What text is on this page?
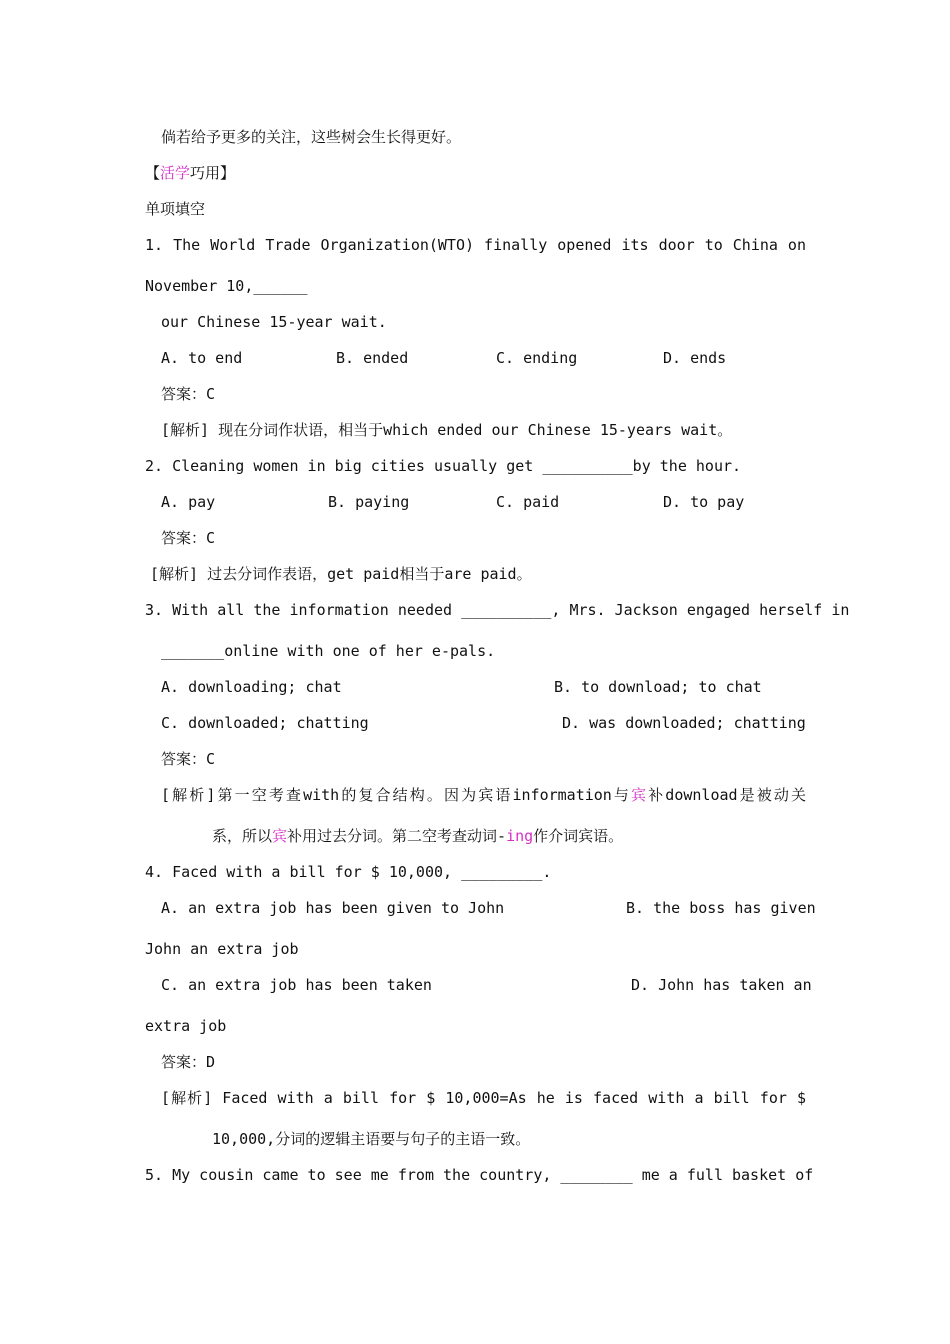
倘若给予更多的关注，这些树会生长得更好。
【活学巧用】
单项填空
1. The World Trade Organization(WTO) finally opened its door to China on
November 10,______
our Chinese 15-year wait.
A. to end	B. ended	C. ending	D. ends
答案：C
[解析] 现在分词作状语，相当于which ended our Chinese 15-years wait。
2. Cleaning women in big cities usually get __________by the hour.
A. pay	B. paying	C. paid	D. to pay
答案：C
[解析] 过去分词作表语，get paid相当于are paid。
3. With all the information needed __________, Mrs. Jackson engaged herself in
_______online with one of her e-pals.
A. downloading; chat	B. to download; to chat
C. downloaded; chatting	D. was downloaded; chatting
答案：C
[解析]第一空考查with的复合结构。因为宾语information与宾补download是被动关
系，所以宾补用过去分词。第二空考查动词-ing作介词宾语。
4. Faced with a bill for $ 10,000, _________.
A. an extra job has been given to John	B. the boss has given
John an extra job
C. an extra job has been taken	D. John has taken an
extra job
答案：D
[解析] Faced with a bill for $ 10,000=As he is faced with a bill for $
10,000,分词的逻辑主语要与句子的主语一致。
5. My cousin came to see me from the country, ________ me a full basket of
